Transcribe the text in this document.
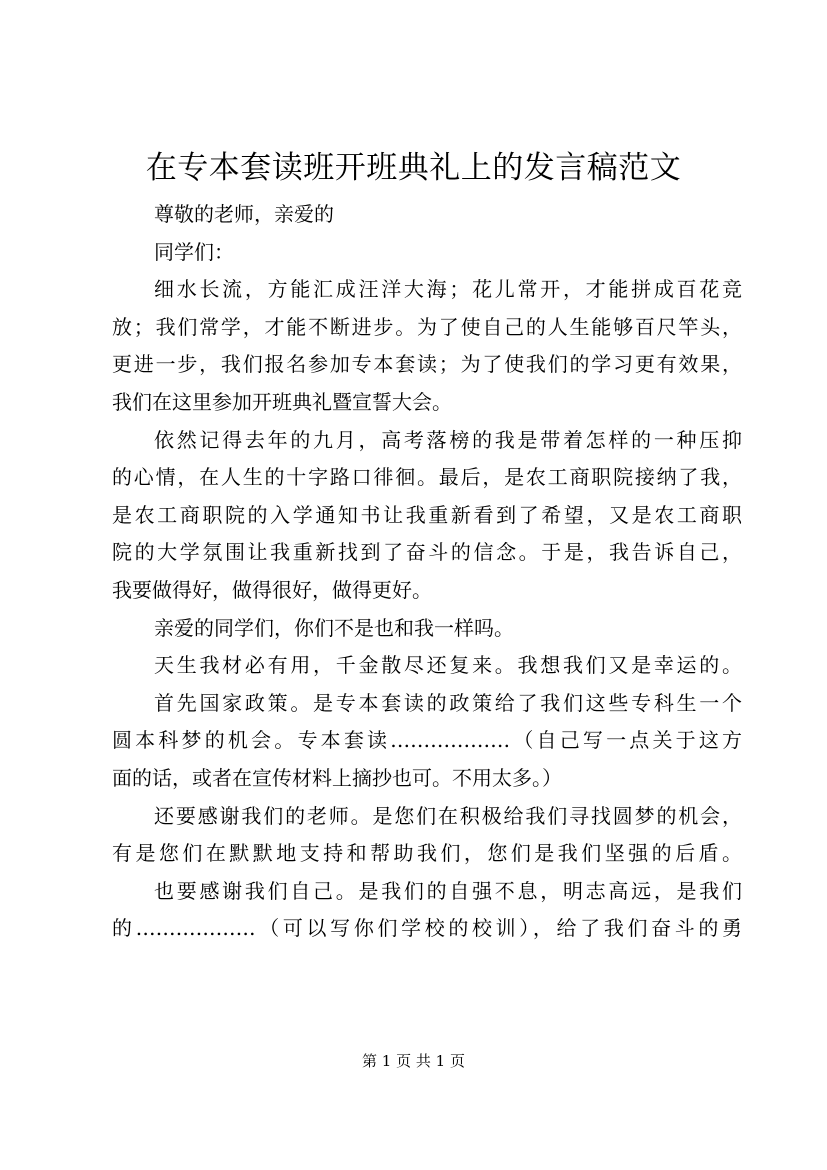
在专本套读班开班典礼上的发言稿范文
尊敬的老师，亲爱的
同学们：
细水长流，方能汇成汪洋大海；花儿常开，才能拼成百花竞
放；我们常学，才能不断进步。为了使自己的人生能够百尺竿头，
更进一步，我们报名参加专本套读；为了使我们的学习更有效果，
我们在这里参加开班典礼暨宣誓大会。
依然记得去年的九月，高考落榜的我是带着怎样的一种压抑
的心情，在人生的十字路口徘徊。最后，是农工商职院接纳了我，
是农工商职院的入学通知书让我重新看到了希望，又是农工商职
院的大学氛围让我重新找到了奋斗的信念。于是，我告诉自己，
我要做得好，做得很好，做得更好。
亲爱的同学们，你们不是也和我一样吗。
天生我材必有用，千金散尽还复来。我想我们又是幸运的。
首先国家政策。是专本套读的政策给了我们这些专科生一个
圆本科梦的机会。专本套读………………（自己写一点关于这方
面的话，或者在宣传材料上摘抄也可。不用太多。）
还要感谢我们的老师。是您们在积极给我们寻找圆梦的机会，
有是您们在默默地支持和帮助我们，您们是我们坚强的后盾。
也要感谢我们自己。是我们的自强不息，明志高远，是我们
的………………（可以写你们学校的校训），给了我们奋斗的勇
第 1 页 共 1 页
